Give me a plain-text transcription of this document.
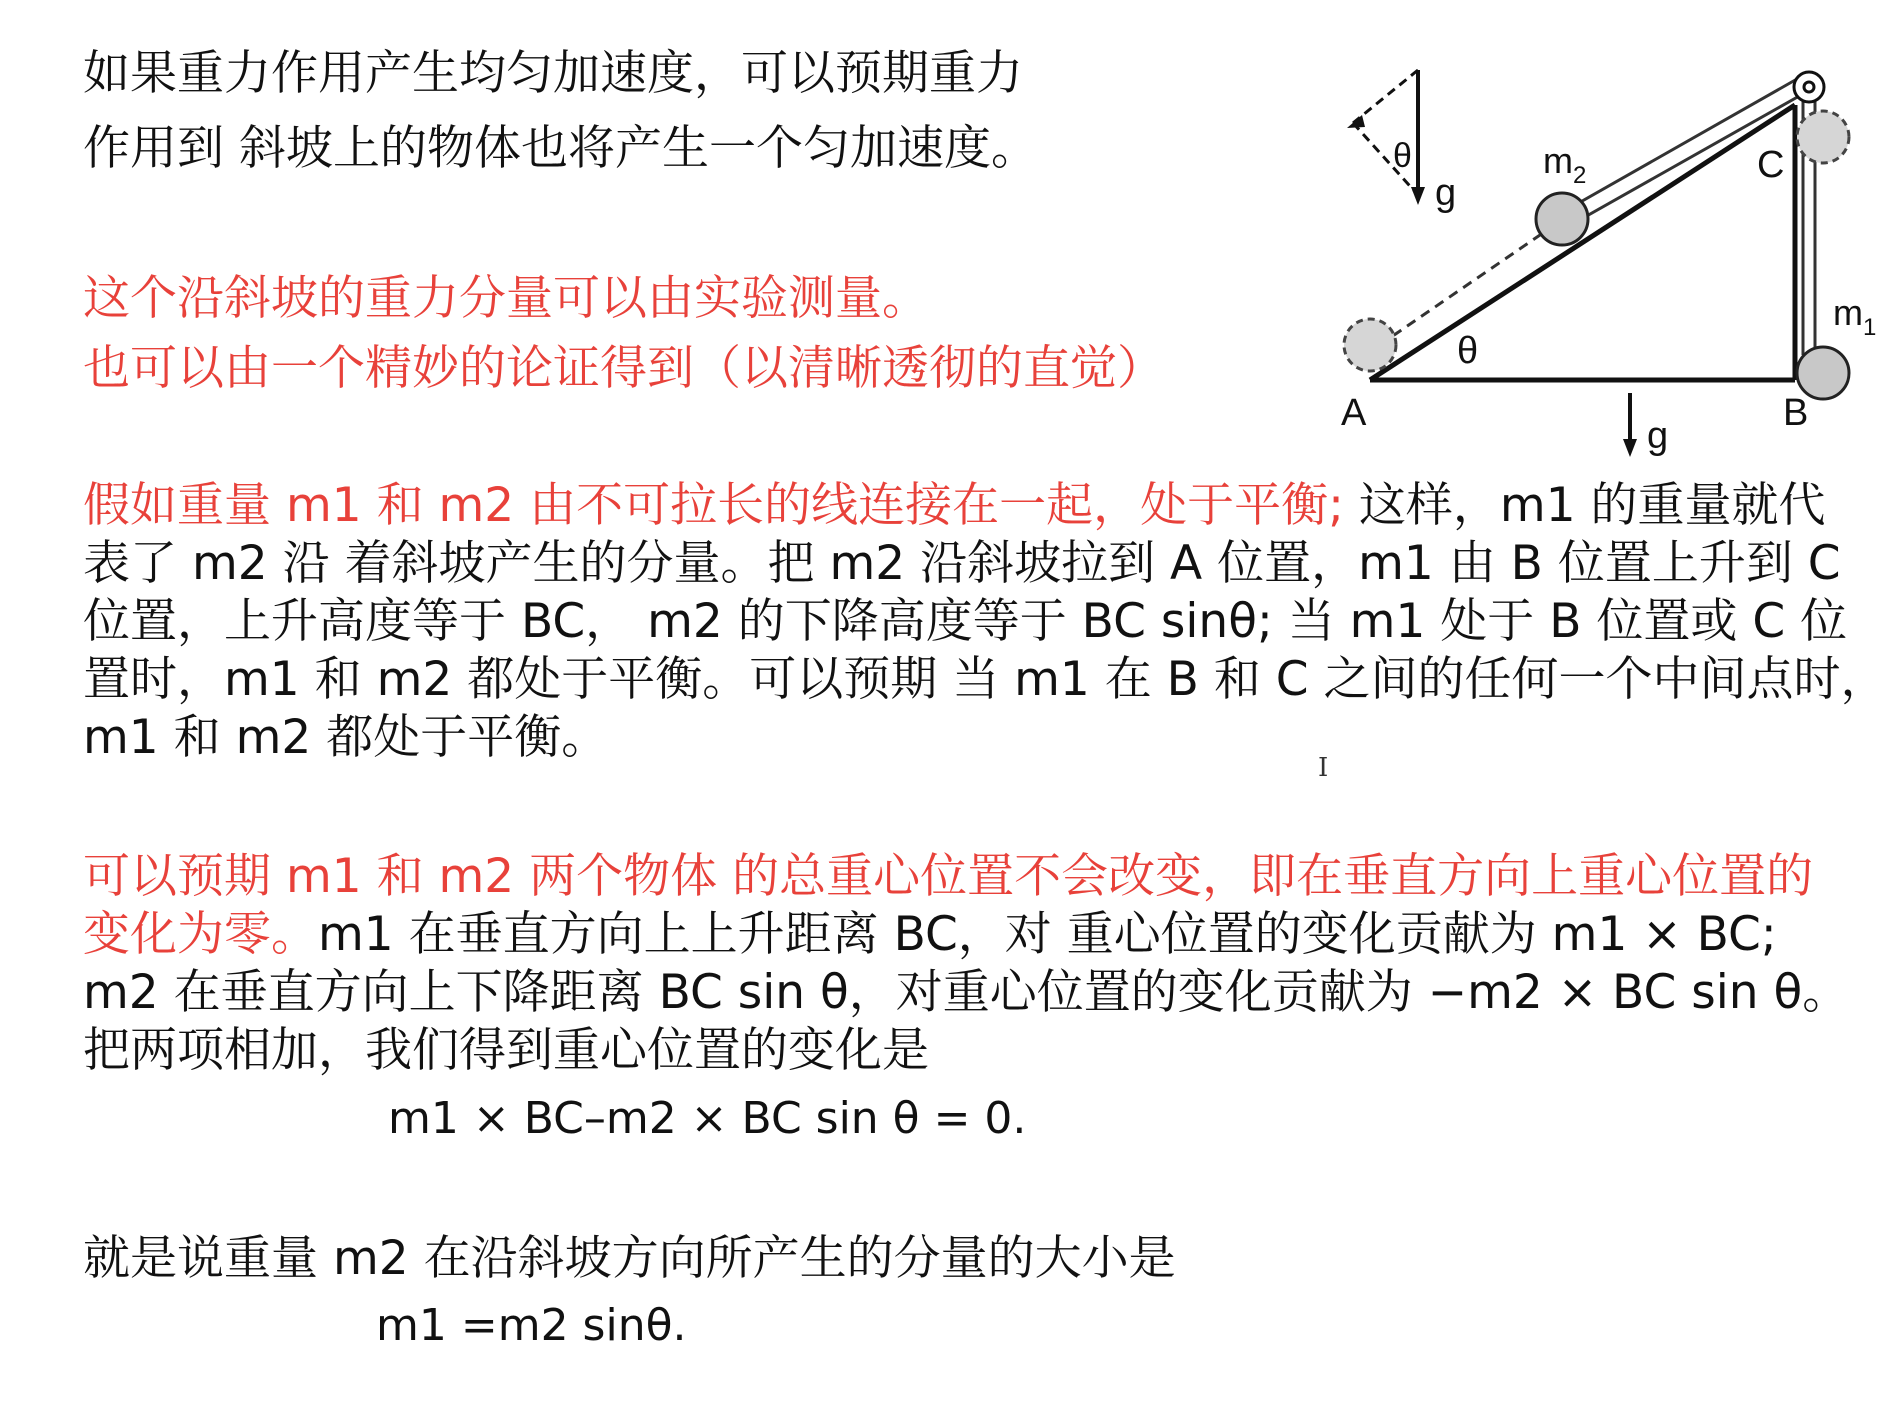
如果重力作用产生均匀加速度，可以预期重力
作用到 斜坡上的物体也将产生一个匀加速度。
这个沿斜坡的重力分量可以由实验测量。
也可以由一个精妙的论证得到（以清晰透彻的直觉）
假如重量 m1 和 m2 由不可拉长的线连接在一起，处于平衡; 这样，m1 的重量就代
表了 m2 沿 着斜坡产生的分量。把 m2 沿斜坡拉到 A 位置，m1 由 B 位置上升到 C
位置，上升高度等于 BC， m2 的下降高度等于 BC sinθ; 当 m1 处于 B 位置或 C 位
置时，m1 和 m2 都处于平衡。可以预期 当 m1 在 B 和 C 之间的任何一个中间点时，
m1 和 m2 都处于平衡。
I
可以预期 m1 和 m2 两个物体 的总重心位置不会改变，即在垂直方向上重心位置的
变化为零。m1 在垂直方向上上升距离 BC，对 重心位置的变化贡献为 m1 × BC;
m2 在垂直方向上下降距离 BC sin θ，对重心位置的变化贡献为 −m2 × BC sin θ。
把两项相加，我们得到重心位置的变化是
m1 × BC–m2 × BC sin θ = 0.
就是说重量 m2 在沿斜坡方向所产生的分量的大小是
m1 =m2 sinθ.
θ
g
$m_2$
$m_1$
C
A	B
θ
g
